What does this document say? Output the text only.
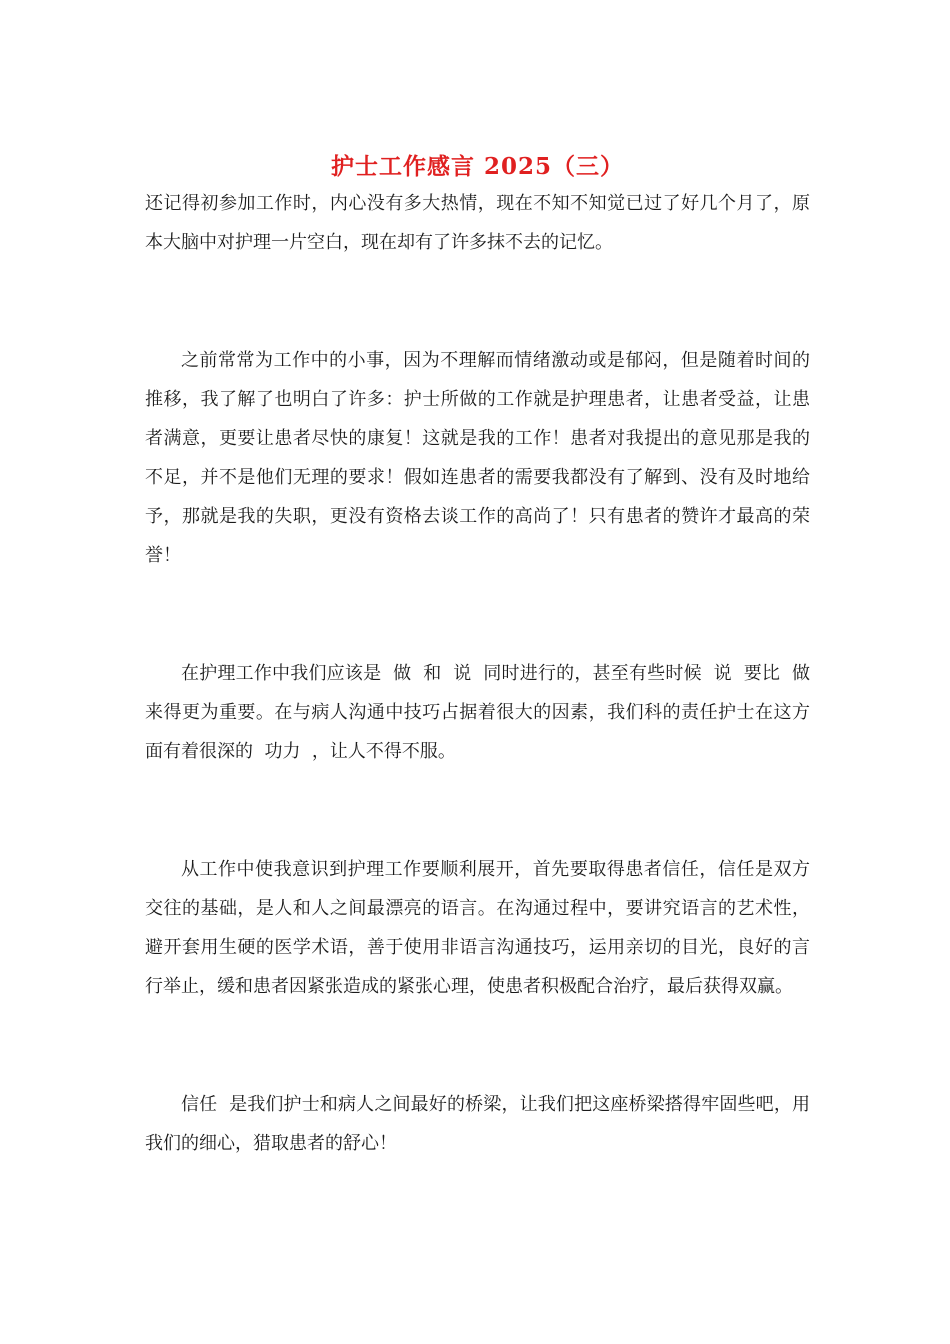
护士工作感言 2025（三）

还记得初参加工作时，内心没有多大热情，现在不知不知觉已过了好几个月了，原本大脑中对护理一片空白，现在却有了许多抹不去的记忆。

之前常常为工作中的小事，因为不理解而情绪激动或是郁闷，但是随着时间的推移，我了解了也明白了许多：护士所做的工作就是护理患者，让患者受益，让患者满意，更要让患者尽快的康复！这就是我的工作！患者对我提出的意见那是我的不足，并不是他们无理的要求！假如连患者的需要我都没有了解到、没有及时地给予，那就是我的失职，更没有资格去谈工作的高尚了！只有患者的赞许才最高的荣誉！

在护理工作中我们应该是  做  和  说  同时进行的，甚至有些时候  说  要比  做  来得更为重要。在与病人沟通中技巧占据着很大的因素，我们科的责任护士在这方面有着很深的  功力  ，让人不得不服。

从工作中使我意识到护理工作要顺利展开，首先要取得患者信任，信任是双方交往的基础，是人和人之间最漂亮的语言。在沟通过程中，要讲究语言的艺术性，避开套用生硬的医学术语，善于使用非语言沟通技巧，运用亲切的目光，良好的言行举止，缓和患者因紧张造成的紧张心理，使患者积极配合治疗，最后获得双赢。

信任  是我们护士和病人之间最好的桥梁，让我们把这座桥梁搭得牢固些吧，用我们的细心，猎取患者的舒心！
